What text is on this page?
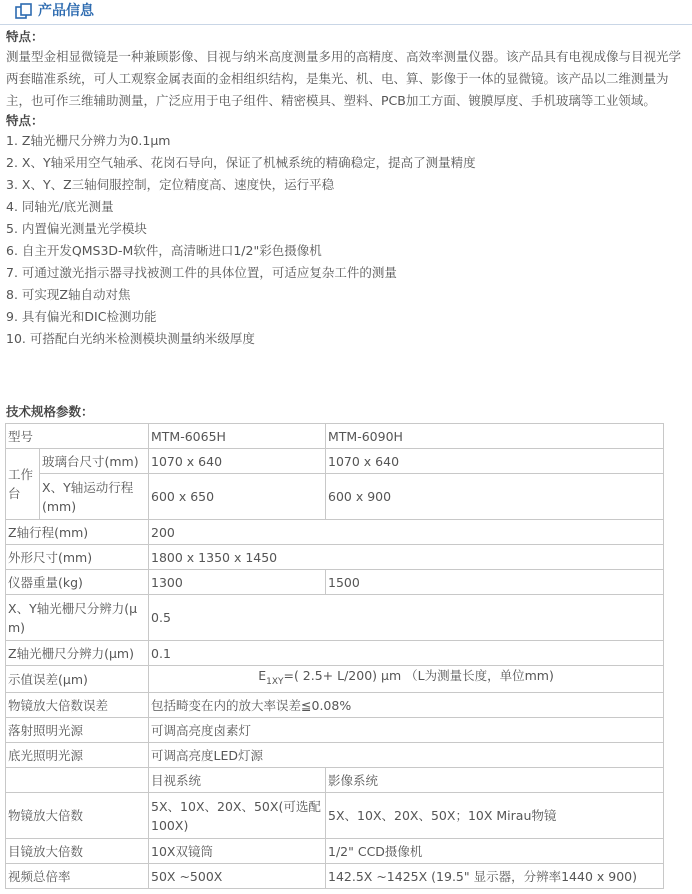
产品信息

特点：

测量型金相显微镜是一种兼顾影像、目视与纳米高度测量多用的高精度、高效率测量仪器。该产品具有电视成像与目视光学两套瞄准系统，可人工观察金属表面的金相组织结构，是集光、机、电、算、影像于一体的显微镜。该产品以二维测量为主，也可作三维辅助测量，广泛应用于电子组件、精密模具、塑料、PCB加工方面、镀膜厚度、手机玻璃等工业领域。

特点：

1. Z轴光栅尺分辨力为0.1μm
2. X、Y轴采用空气轴承、花岗石导向，保证了机械系统的精确稳定，提高了测量精度
3. X、Y、Z三轴伺服控制，定位精度高、速度快，运行平稳
4. 同轴光/底光测量
5. 内置偏光测量光学模块
6. 自主开发QMS3D-M软件，高清晰进口1/2"彩色摄像机
7. 可通过激光指示器寻找被测工件的具体位置，可适应复杂工件的测量
8. 可实现Z轴自动对焦
9. 具有偏光和DIC检测功能
10. 可搭配白光纳米检测模块测量纳米级厚度
技术规格参数：
型号		MTM-6065H	MTM-6090H
工作台	玻璃台尺寸(mm)	1070 x 640	1070 x 640
	X、Y轴运动行程(mm)	600 x 650	600 x 900
Z轴行程(mm)		200	
外形尺寸(mm)		1800 x 1350 x 1450	
仪器重量(kg)		1300	1500
X、Y轴光栅尺分辨力(μm)		0.5	
Z轴光栅尺分辨力(μm)		0.1	
示值误差(μm)		$E_{1XY}=$( 2.5+ L/200) μm （L为测量长度，单位mm)	
物镜放大倍数误差		包括畸变在内的放大率误差≦0.08%	
落射照明光源		可调高亮度卤素灯	
底光照明光源		可调高亮度LED灯源	
		目视系统	影像系统
物镜放大倍数		5X、10X、20X、50X(可选配100X)	5X、10X、20X、50X；10X Mirau物镜
目镜放大倍数		10X双镜筒	1/2" CCD摄像机
视频总倍率		50X ~500X	142.5X ~1425X (19.5" 显示器，分辨率1440 x 900)
